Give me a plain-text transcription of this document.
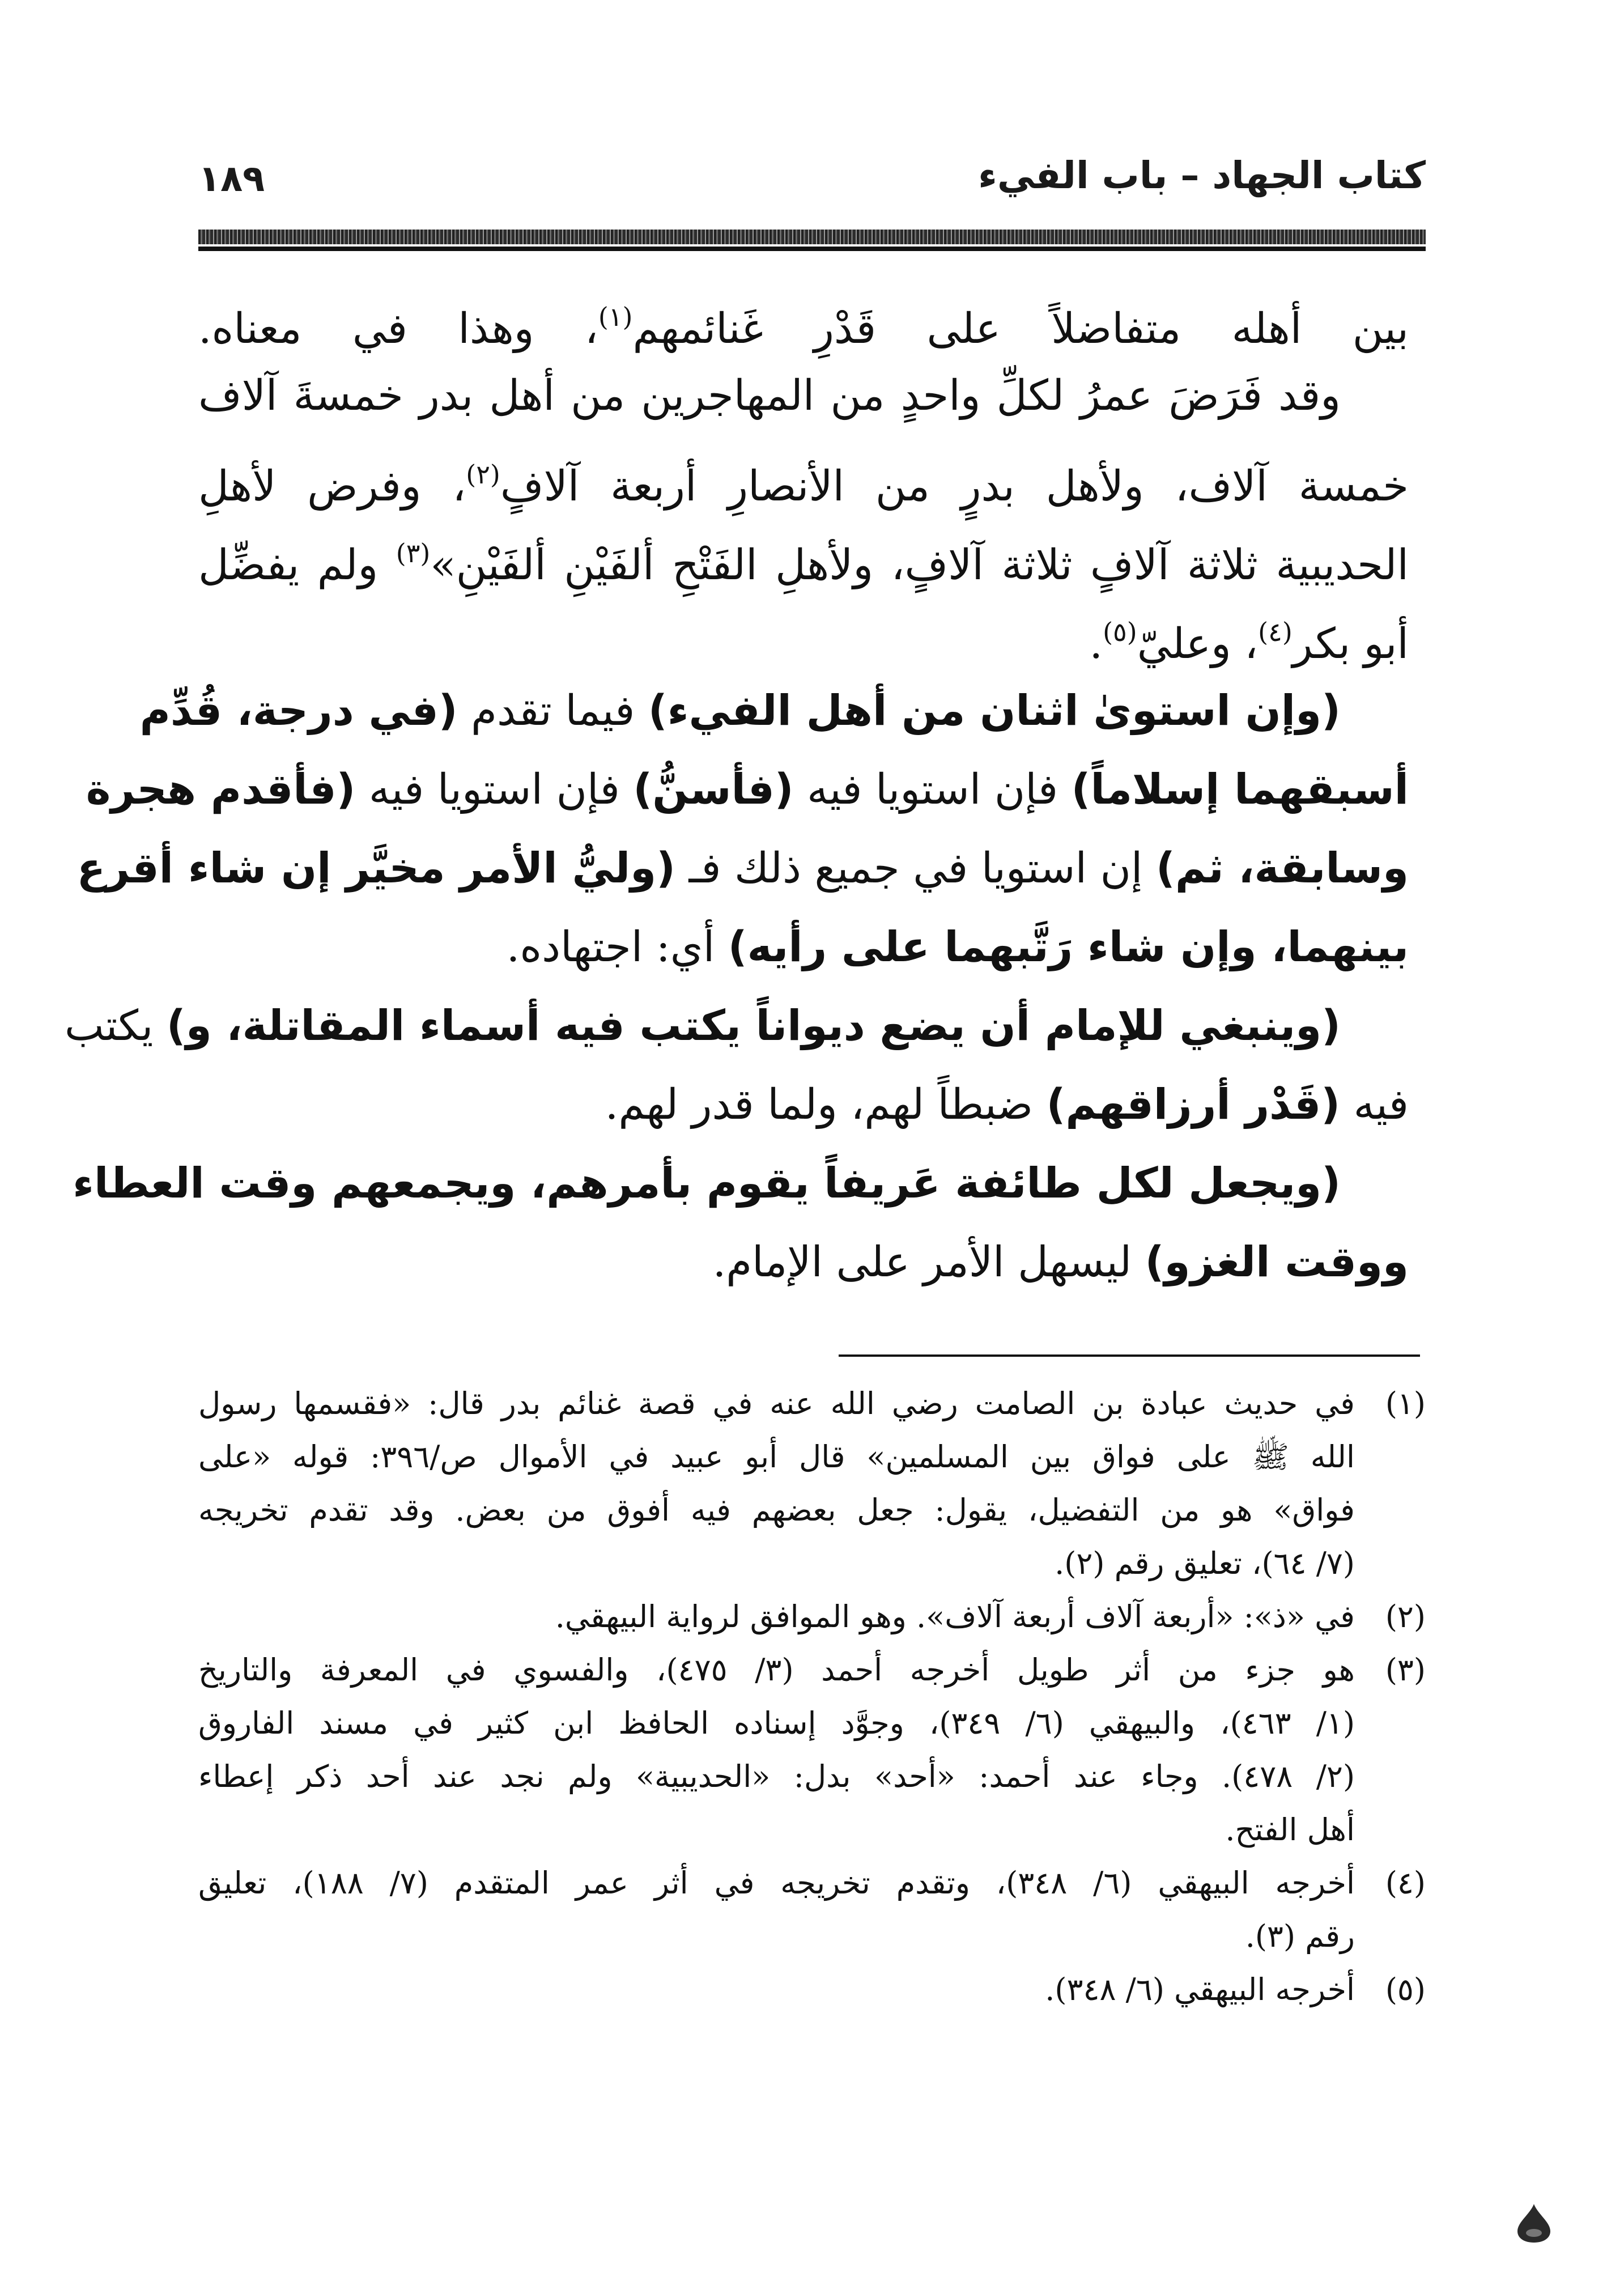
كتاب الجهاد – باب الفيء
١٨٩
بين أهله متفاضلاً على قَدْرِ غَنائمهم$^{(١)}$، وهذا في معناه.
وقد فَرَضَ عمرُ لكلِّ واحدٍ من المهاجرين من أهل بدر خمسةَ آلاف
خمسة آلاف، ولأهل بدرٍ من الأنصارِ أربعة آلافٍ$^{(٢)}$، وفرض لأهلِ
الحديبية ثلاثة آلافٍ ثلاثة آلافٍ، ولأهلِ الفَتْحِ ألفَيْنِ ألفَيْنِ»$^{(٣)}$ ولم يفضِّل
أبو بكر$^{(٤)}$، وعليّ$^{(٥)}$.
(وإن استوىٰ اثنان من أهل الفيء) فيما تقدم (في درجة، قُدِّم
أسبقهما إسلاماً) فإن استويا فيه (فأسنُّ) فإن استويا فيه (فأقدم هجرة
وسابقة، ثم) إن استويا في جميع ذلك فـ (وليُّ الأمر مخيَّر إن شاء أقرع
بينهما، وإن شاء رَتَّبهما على رأيه) أي: اجتهاده.
(وينبغي للإمام أن يضع ديواناً يكتب فيه أسماء المقاتلة، و) يكتب
فيه (قَدْر أرزاقهم) ضبطاً لهم، ولما قدر لهم.
(ويجعل لكل طائفة عَريفاً يقوم بأمرهم، ويجمعهم وقت العطاء
ووقت الغزو) ليسهل الأمر على الإمام.
(١)
في حديث عبادة بن الصامت رضي الله عنه في قصة غنائم بدر قال: «فقسمها رسول
الله ﷺ على فواق بين المسلمين» قال أبو عبيد في الأموال ص/٣٩٦: قوله «على
فواق» هو من التفضيل، يقول: جعل بعضهم فيه أفوق من بعض. وقد تقدم تخريجه
(٧/ ٦٤)، تعليق رقم (٢).
(٢)
في «ذ»: «أربعة آلاف أربعة آلاف». وهو الموافق لرواية البيهقي.
(٣)
هو جزء من أثر طويل أخرجه أحمد (٣/ ٤٧٥)، والفسوي في المعرفة والتاريخ
(١/ ٤٦٣)، والبيهقي (٦/ ٣٤٩)، وجوَّد إسناده الحافظ ابن كثير في مسند الفاروق
(٢/ ٤٧٨). وجاء عند أحمد: «أحد» بدل: «الحديبية» ولم نجد عند أحد ذكر إعطاء
أهل الفتح.
(٤)
أخرجه البيهقي (٦/ ٣٤٨)، وتقدم تخريجه في أثر عمر المتقدم (٧/ ١٨٨)، تعليق
رقم (٣).
(٥)
أخرجه البيهقي (٦/ ٣٤٨).
